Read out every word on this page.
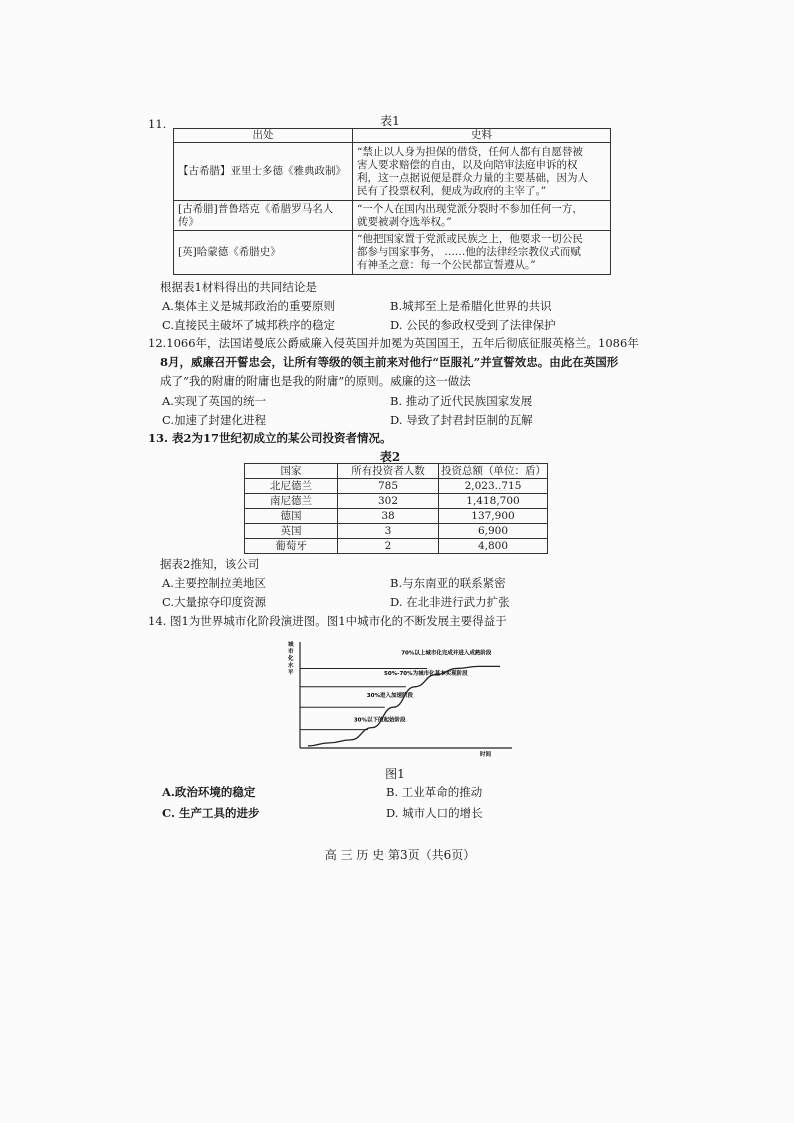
11.	表1
出处	史料
【古希腊】亚里士多德《雅典政制》	“禁止以人身为担保的借贷，任何人都有自愿替被
害人要求赔偿的自由，以及向陪审法庭申诉的权
利，这一点据说便是群众力量的主要基础，因为人
民有了投票权利，便成为政府的主宰了。”

[古希腊]普鲁塔克《希腊罗马名人传》	“一个人在国内出现党派分裂时不参加任何一方，
就要被剥夺选举权。”

[英]哈蒙德《希腊史》	“他把国家置于党派或民族之上，他要求一切公民
都参与国家事务， ……他的法律经宗教仪式而赋
有神圣之意：每一个公民都宣誓遵从。”
根据表1材料得出的共同结论是
A.集体主义是城邦政治的重要原则	B.城邦至上是希腊化世界的共识
C.直接民主破坏了城邦秩序的稳定	D. 公民的参政权受到了法律保护
12.1066年，法国诺曼底公爵威廉入侵英国并加冕为英国国王，五年后彻底征服英格兰。1086年
8月，威廉召开誓忠会，让所有等级的领主前来对他行“臣服礼”并宣誓效忠。由此在英国形
成了“我的附庸的附庸也是我的附庸”的原则。威廉的这一做法
A.实现了英国的统一	B. 推动了近代民族国家发展
C.加速了封建化进程	D. 导致了封君封臣制的瓦解
13. 表2为17世纪初成立的某公司投资者情况。
表2
国家	所有投资者人数	投资总额（单位：盾）
北尼德兰	785	2,023..715
南尼德兰	302	1,418,700
德国	38	137,900
英国	3	6,900
葡萄牙	2	4,800
据表2推知，该公司
A.主要控制拉美地区	B.与东南亚的联系紧密
C.大量掠夺印度资源	D. 在北非进行武力扩张
14. 图1为世界城市化阶段演进图。图1中城市化的不断发展主要得益于
城 市 化 水 平
70%以上城市化完成并进入成熟阶段
50%-70%为城市化基本实现阶段
30%进入加速阶段
30%以下的起始阶段
时间
图1
A.政治环境的稳定	B. 工业革命的推动
C. 生产工具的进步	D. 城市人口的增长
高 三 历 史 第3页（共6页）
